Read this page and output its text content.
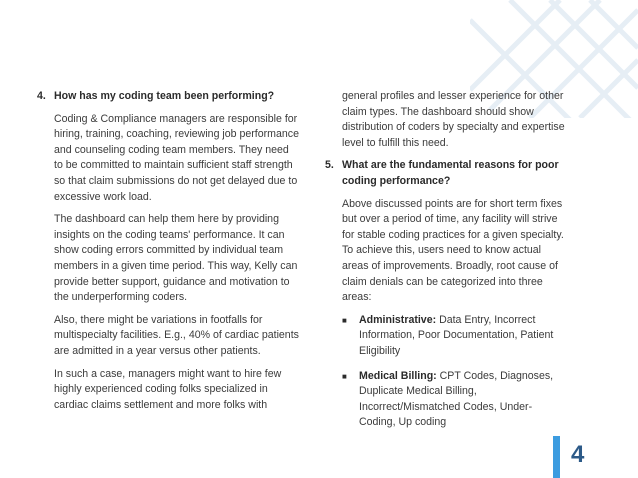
4. How has my coding team been performing?

Coding & Compliance managers are responsible for hiring, training, coaching, reviewing job performance and counseling coding team members. They need to be committed to maintain sufficient staff strength so that claim submissions do not get delayed due to excessive work load.

The dashboard can help them here by providing insights on the coding teams' performance. It can show coding errors committed by individual team members in a given time period. This way, Kelly can provide better support, guidance and motivation to the underperforming coders.

Also, there might be variations in footfalls for multispecialty facilities. E.g., 40% of cardiac patients are admitted in a year versus other patients.

In such a case, managers might want to hire few highly experienced coding folks specialized in cardiac claims settlement and more folks with

general profiles and lesser experience for other claim types. The dashboard should show distribution of coders by specialty and expertise level to fulfill this need.

5. What are the fundamental reasons for poor coding performance?

Above discussed points are for short term fixes but over a period of time, any facility will strive for stable coding practices for a given specialty. To achieve this, users need to know actual areas of improvements. Broadly, root cause of claim denials can be categorized into three areas:

■	Administrative: Data Entry, Incorrect Information, Poor Documentation, Patient Eligibility
■	Medical Billing: CPT Codes, Diagnoses, Duplicate Medical Billing, Incorrect/Mismatched Codes, Under-Coding, Up coding
4
